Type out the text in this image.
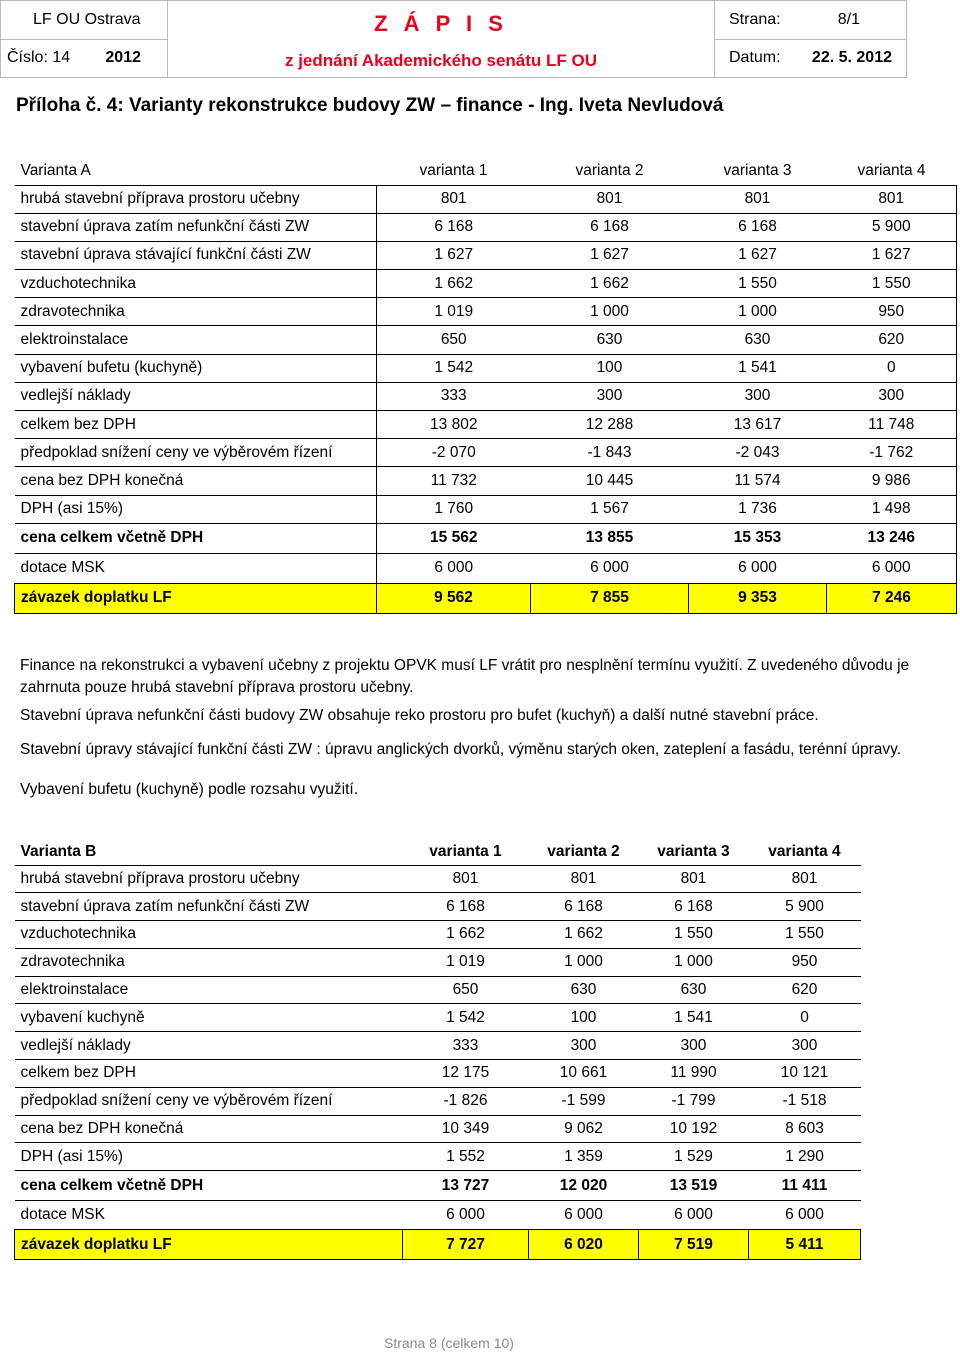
LF OU Ostrava	Z Á P I S
z jednání Akademického senátu LF OU	Strana: 8/1

Číslo: 14 2012		Datum: 22. 5. 2012

Příloha č. 4: Varianty rekonstrukce budovy ZW – finance - Ing. Iveta Nevludová

Varianta A	varianta 1	varianta 2	varianta 3	varianta 4
hrubá stavební příprava prostoru učebny	801	801	801	801
stavební úprava zatím nefunkční části ZW	6 168	6 168	6 168	5 900
stavební úprava stávající funkční části ZW	1 627	1 627	1 627	1 627
vzduchotechnika	1 662	1 662	1 550	1 550
zdravotechnika	1 019	1 000	1 000	950
elektroinstalace	650	630	630	620
vybavení bufetu (kuchyně)	1 542	100	1 541	0
vedlejší náklady	333	300	300	300
celkem bez DPH	13 802	12 288	13 617	11 748
předpoklad snížení ceny ve výběrovém řízení	-2 070	-1 843	-2 043	-1 762
cena bez DPH konečná	11 732	10 445	11 574	9 986
DPH (asi 15%)	1 760	1 567	1 736	1 498
cena celkem včetně DPH	15 562	13 855	15 353	13 246
dotace MSK	6 000	6 000	6 000	6 000
závazek doplatku LF	9 562	7 855	9 353	7 246

Finance na rekonstrukci a vybavení učebny z projektu OPVK musí LF vrátit pro nesplnění termínu využití. Z uvedeného důvodu je zahrnuta pouze hrubá stavební příprava prostoru učebny.

Stavební úprava nefunkční části budovy ZW obsahuje reko prostoru pro bufet (kuchyň) a další nutné stavební práce.

Stavební úpravy stávající funkční části ZW : úpravu anglických dvorků, výměnu starých oken, zateplení a fasádu, terénní úpravy.

Vybavení bufetu (kuchyně) podle rozsahu využití.

Varianta B	varianta 1	varianta 2	varianta 3	varianta 4
hrubá stavební příprava prostoru učebny	801	801	801	801
stavební úprava zatím nefunkční části ZW	6 168	6 168	6 168	5 900
vzduchotechnika	1 662	1 662	1 550	1 550
zdravotechnika	1 019	1 000	1 000	950
elektroinstalace	650	630	630	620
vybavení kuchyně	1 542	100	1 541	0
vedlejší náklady	333	300	300	300
celkem bez DPH	12 175	10 661	11 990	10 121
předpoklad snížení ceny ve výběrovém řízení	-1 826	-1 599	-1 799	-1 518
cena bez DPH konečná	10 349	9 062	10 192	8 603
DPH (asi 15%)	1 552	1 359	1 529	1 290
cena celkem včetně DPH	13 727	12 020	13 519	11 411
dotace MSK	6 000	6 000	6 000	6 000
závazek doplatku LF	7 727	6 020	7 519	5 411
Strana 8 (celkem 10)
